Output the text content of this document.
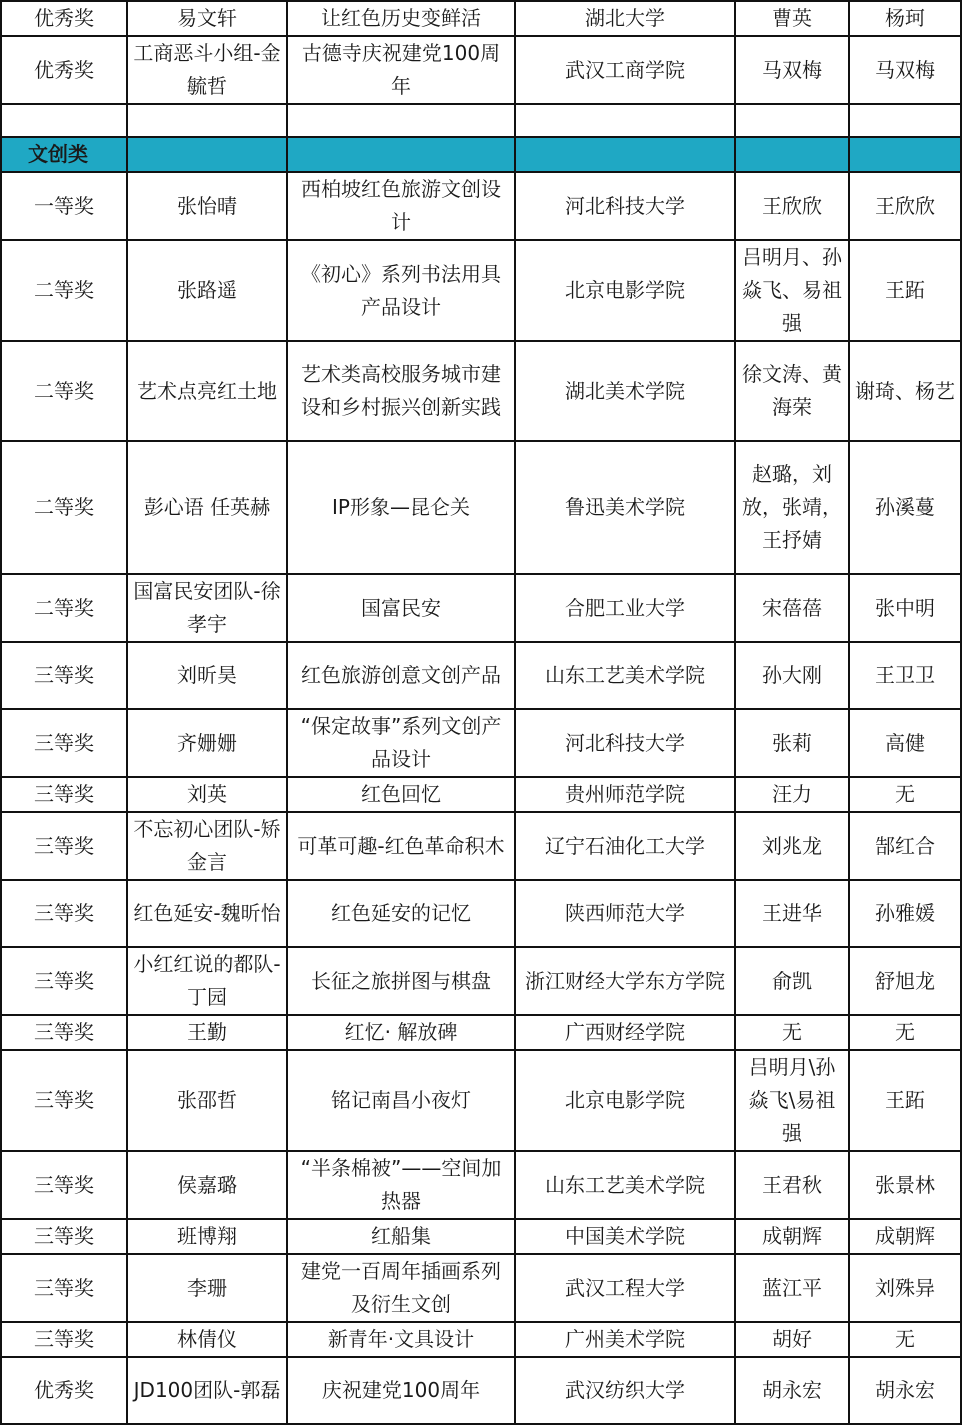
优秀奖	易文轩	让红色历史变鲜活	湖北大学	曹英	杨珂
优秀奖	工商恶斗小组-金毓哲	古德寺庆祝建党100周年	武汉工商学院	马双梅	马双梅

文创类					
一等奖	张怡晴	西柏坡红色旅游文创设计	河北科技大学	王欣欣	王欣欣
二等奖	张路遥	《初心》系列书法用具产品设计	北京电影学院	吕明月、孙焱飞、易祖强	王跖
二等奖	艺术点亮红土地	艺术类高校服务城市建设和乡村振兴创新实践	湖北美术学院	徐文涛、黄海荣	谢琦、杨艺
二等奖	彭心语 任英赫	IP形象—昆仑关	鲁迅美术学院	赵璐，刘放，张靖，王抒婧	孙溪蔓
二等奖	国富民安团队-徐孝宇	国富民安	合肥工业大学	宋蓓蓓	张中明
三等奖	刘昕昊	红色旅游创意文创产品	山东工艺美术学院	孙大刚	王卫卫
三等奖	齐姗姗	“保定故事”系列文创产品设计	河北科技大学	张莉	高健
三等奖	刘英	红色回忆	贵州师范学院	汪力	无
三等奖	不忘初心团队-矫金言	可革可趣-红色革命积木	辽宁石油化工大学	刘兆龙	郜红合
三等奖	红色延安-魏昕怡	红色延安的记忆	陕西师范大学	王进华	孙雅媛
三等奖	小红红说的都队-丁园	长征之旅拼图与棋盘	浙江财经大学东方学院	俞凯	舒旭龙
三等奖	王勤	红忆· 解放碑	广西财经学院	无	无
三等奖	张邵哲	铭记南昌小夜灯	北京电影学院	吕明月\孙焱飞\易祖强	王跖
三等奖	侯嘉璐	“半条棉被”——空间加热器	山东工艺美术学院	王君秋	张景林
三等奖	班博翔	红船集	中国美术学院	成朝辉	成朝辉
三等奖	李珊	建党一百周年插画系列及衍生文创	武汉工程大学	蓝江平	刘殊异
三等奖	林倩仪	新青年·文具设计	广州美术学院	胡好	无
优秀奖	JD100团队-郭磊	庆祝建党100周年	武汉纺织大学	胡永宏	胡永宏
